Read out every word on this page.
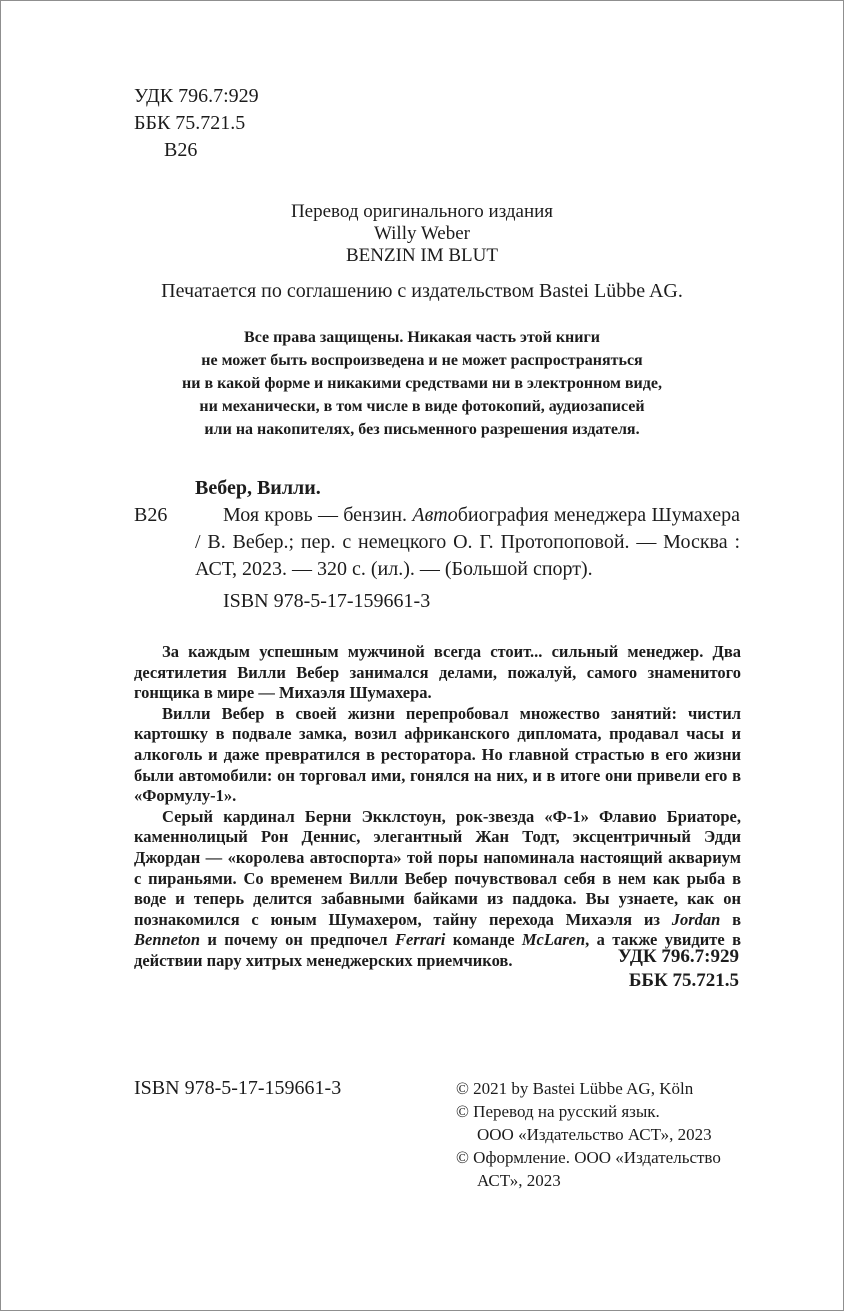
УДК 796.7:929
ББК 75.721.5
В26
Перевод оригинального издания
Willy Weber
BENZIN IM BLUT
Печатается по соглашению с издательством Bastei Lübbe AG.
Все права защищены. Никакая часть этой книги
не может быть воспроизведена и не может распространяться
ни в какой форме и никакими средствами ни в электронном виде,
ни механически, в том числе в виде фотокопий, аудиозаписей
или на накопителях, без письменного разрешения издателя.
Вебер, Вилли.
В26	Моя кровь — бензин. Автобиография менеджера Шумахера / В. Вебер.; пер. с немецкого О. Г. Протопоповой. — Москва : АСТ, 2023. — 320 с. (ил.). — (Большой спорт).
ISBN 978-5-17-159661-3

За каждым успешным мужчиной всегда стоит... сильный менеджер. Два десятилетия Вилли Вебер занимался делами, пожалуй, самого знаменитого гонщика в мире — Михаэля Шумахера.

Вилли Вебер в своей жизни перепробовал множество занятий: чистил картошку в подвале замка, возил африканского дипломата, продавал часы и алкоголь и даже превратился в ресторатора. Но главной страстью в его жизни были автомобили: он торговал ими, гонялся на них, и в итоге они привели его в «Формулу-1».

Серый кардинал Берни Экклстоун, рок-звезда «Ф-1» Флавио Бриаторе, каменнолицый Рон Деннис, элегантный Жан Тодт, эксцентричный Эдди Джордан — «королева автоспорта» той поры напоминала настоящий аквариум с пираньями. Со временем Вилли Вебер почувствовал себя в нем как рыба в воде и теперь делится забавными байками из паддока. Вы узнаете, как он познакомился с юным Шумахером, тайну перехода Михаэля из Jordan в Benneton и почему он предпочел Ferrari команде McLaren, а также увидите в действии пару хитрых менеджерских приемчиков.	УДК 796.7:929
ББК 75.721.5
ISBN 978-5-17-159661-3	© 2021 by Bastei Lübbe AG, Köln
© Перевод на русский язык.
ООО «Издательство АСТ», 2023
© Оформление. ООО «Издательство
АСТ», 2023
